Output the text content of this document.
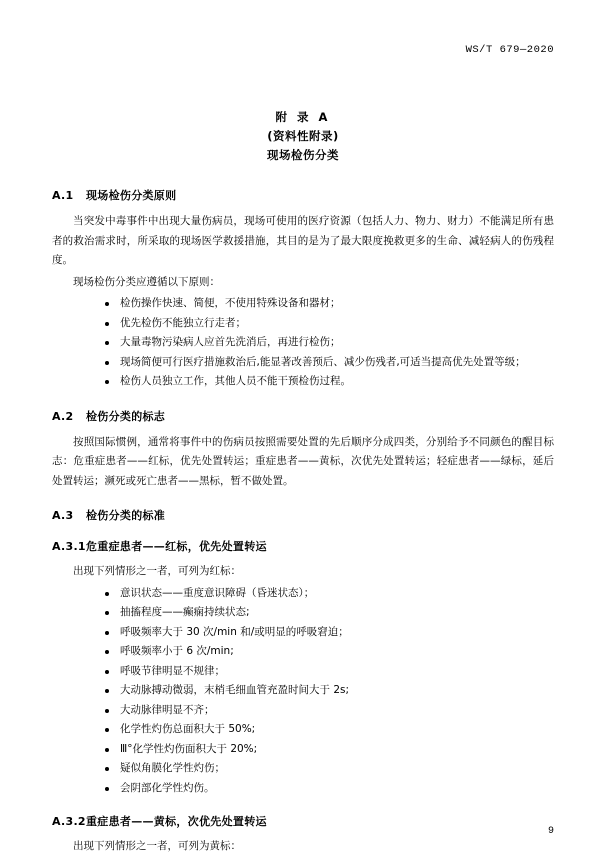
WS/T 679—2020
附 录 A
(资料性附录)
现场检伤分类
A.1 现场检伤分类原则

当突发中毒事件中出现大量伤病员，现场可使用的医疗资源（包括人力、物力、财力）不能满足所有患者的救治需求时，所采取的现场医学救援措施，其目的是为了最大限度挽救更多的生命、减轻病人的伤残程度。

现场检伤分类应遵循以下原则：

检伤操作快速、简便，不使用特殊设备和器材；
优先检伤不能独立行走者；
大量毒物污染病人应首先洗消后，再进行检伤；
现场简便可行医疗措施救治后,能显著改善预后、减少伤残者,可适当提高优先处置等级；
检伤人员独立工作，其他人员不能干预检伤过程。
A.2 检伤分类的标志

按照国际惯例，通常将事件中的伤病员按照需要处置的先后顺序分成四类，分别给予不同颜色的醒目标志：危重症患者——红标，优先处置转运；重症患者——黄标，次优先处置转运；轻症患者——绿标，延后处置转运；濒死或死亡患者——黑标，暂不做处置。

A.3 检伤分类的标准
A.3.1危重症患者——红标，优先处置转运

出现下列情形之一者，可列为红标：

意识状态——重度意识障碍（昏迷状态）；
抽搐程度——癫痫持续状态;
呼吸频率大于 30 次/min 和/或明显的呼吸窘迫；
呼吸频率小于 6 次/min;
呼吸节律明显不规律；
大动脉搏动微弱，末梢毛细血管充盈时间大于 2s;
大动脉律明显不齐；
化学性灼伤总面积大于 50%;
Ⅲ°化学性灼伤面积大于 20%;
疑似角膜化学性灼伤；
会阴部化学性灼伤。
A.3.2重症患者——黄标，次优先处置转运

出现下列情形之一者，可列为黄标：

9
